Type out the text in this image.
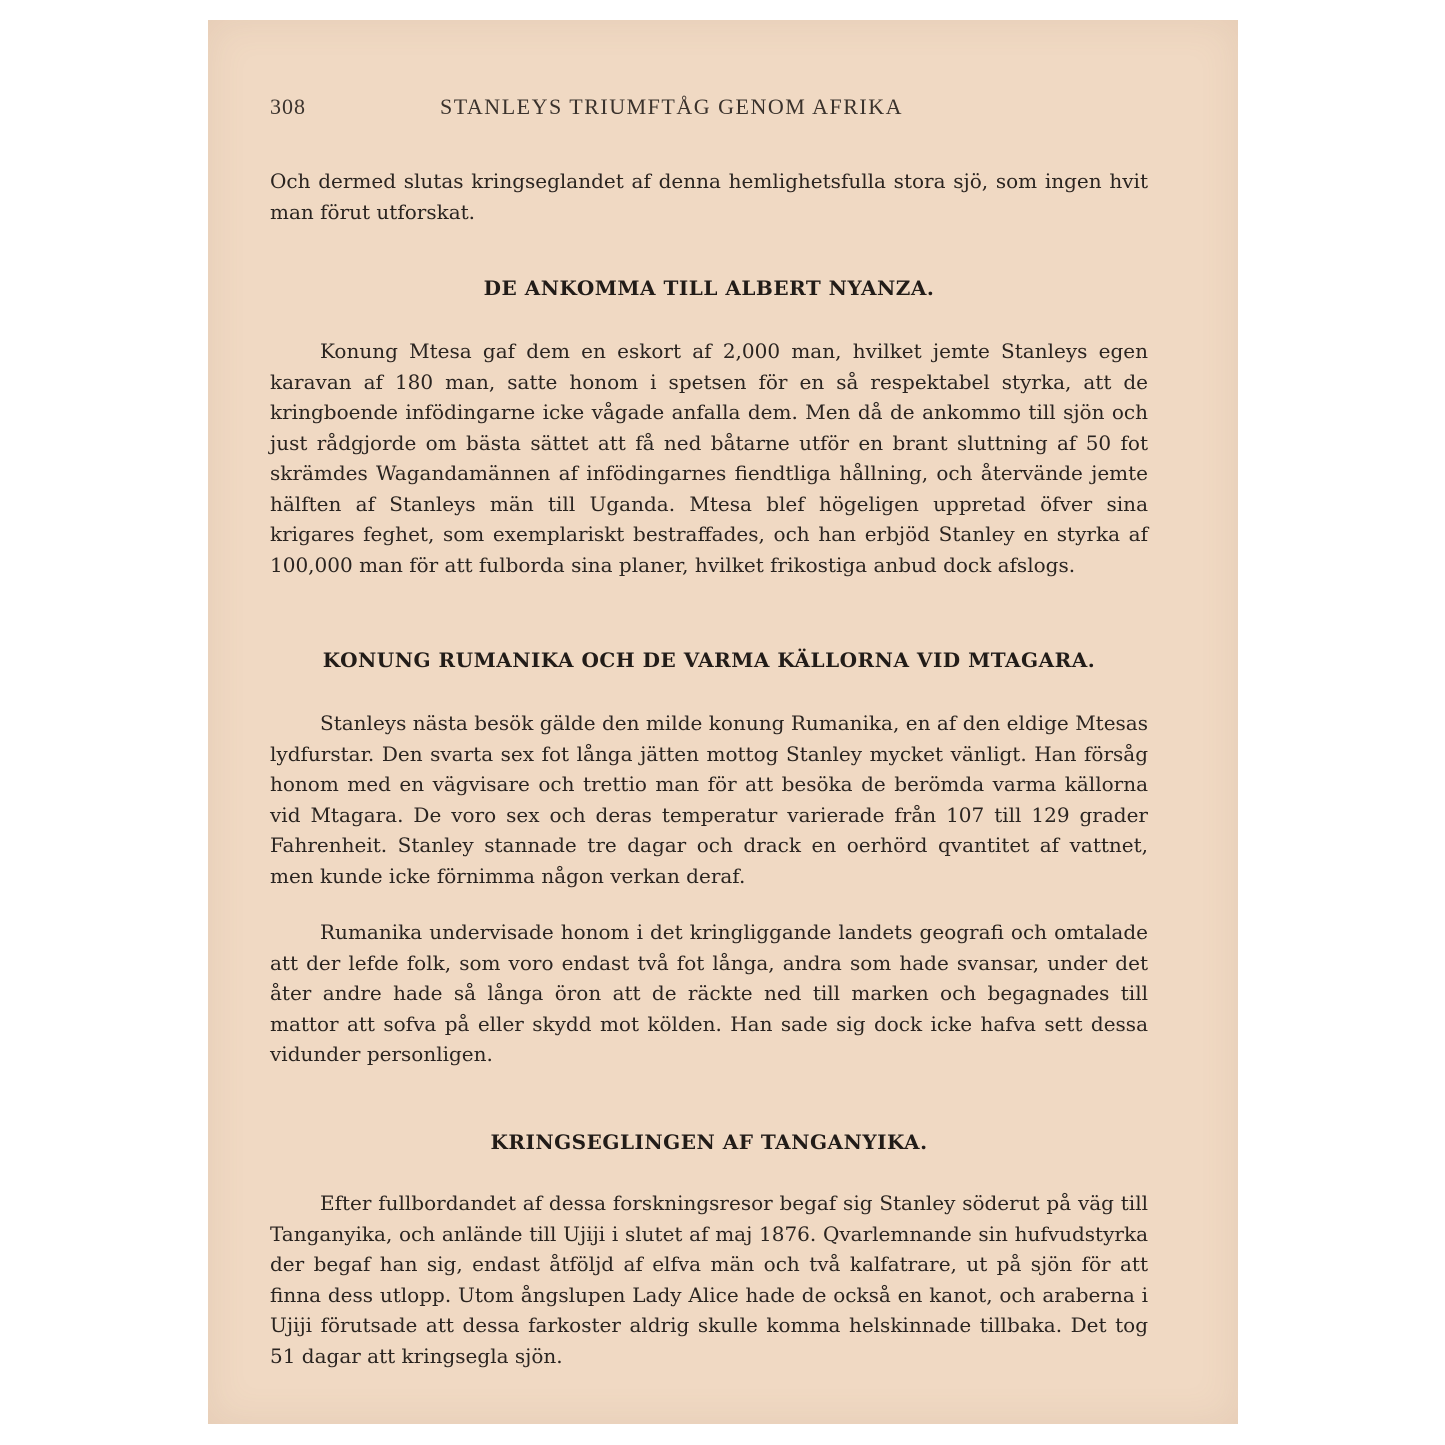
308	STANLEYS TRIUMFTÅG GENOM AFRIKA

Och dermed slutas kringseglandet af denna hemlighetsfulla stora sjö, som ingen hvit man förut utforskat.

DE ANKOMMA TILL ALBERT NYANZA.

Konung Mtesa gaf dem en eskort af 2,000 man, hvilket jemte Stanleys egen karavan af 180 man, satte honom i spetsen för en så respektabel styrka, att de kringboende infödingarne icke vågade anfalla dem. Men då de ankommo till sjön och just rådgjorde om bästa sättet att få ned båtarne utför en brant sluttning af 50 fot skrämdes Wagandamännen af infödingarnes fiendtliga hållning, och återvände jemte hälften af Stanleys män till Uganda. Mtesa blef högeligen uppretad öfver sina krigares feghet, som exemplariskt bestraffades, och han erbjöd Stanley en styrka af 100,000 man för att fulborda sina planer, hvilket frikostiga anbud dock afslogs.

KONUNG RUMANIKA OCH DE VARMA KÄLLORNA VID MTAGARA.

Stanleys nästa besök gälde den milde konung Rumanika, en af den eldige Mtesas lydfurstar. Den svarta sex fot långa jätten mottog Stanley mycket vänligt. Han försåg honom med en vägvisare och trettio man för att besöka de berömda varma källorna vid Mtagara. De voro sex och deras temperatur varierade från 107 till 129 grader Fahrenheit. Stanley stannade tre dagar och drack en oerhörd qvantitet af vattnet, men kunde icke förnimma någon verkan deraf.

Rumanika undervisade honom i det kringliggande landets geografi och omtalade att der lefde folk, som voro endast två fot långa, andra som hade svansar, under det åter andre hade så långa öron att de räckte ned till marken och begagnades till mattor att sofva på eller skydd mot kölden. Han sade sig dock icke hafva sett dessa vidunder personligen.

KRINGSEGLINGEN AF TANGANYIKA.

Efter fullbordandet af dessa forskningsresor begaf sig Stanley söderut på väg till Tanganyika, och anlände till Ujiji i slutet af maj 1876. Qvarlemnande sin hufvudstyrka der begaf han sig, endast åtföljd af elfva män och två kalfatrare, ut på sjön för att finna dess utlopp. Utom ångslupen Lady Alice hade de också en kanot, och araberna i Ujiji förutsade att dessa farkoster aldrig skulle komma helskinnade tillbaka. Det tog 51 dagar att kringsegla sjön.
